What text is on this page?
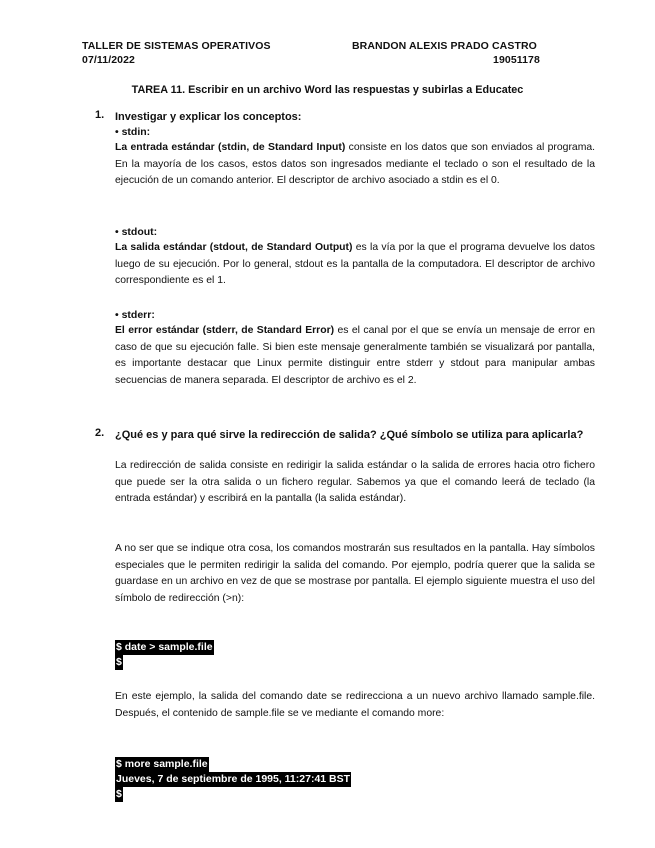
TALLER DE SISTEMAS OPERATIVOS
07/11/2022
BRANDON ALEXIS PRADO CASTRO
19051178
TAREA 11. Escribir en un archivo Word las respuestas y subirlas a Educatec
1. Investigar y explicar los conceptos:
• stdin:
La entrada estándar (stdin, de Standard Input) consiste en los datos que son enviados al programa. En la mayoría de los casos, estos datos son ingresados mediante el teclado o son el resultado de la ejecución de un comando anterior. El descriptor de archivo asociado a stdin es el 0.
• stdout:
La salida estándar (stdout, de Standard Output) es la vía por la que el programa devuelve los datos luego de su ejecución. Por lo general, stdout es la pantalla de la computadora. El descriptor de archivo correspondiente es el 1.
• stderr:
El error estándar (stderr, de Standard Error) es el canal por el que se envía un mensaje de error en caso de que su ejecución falle. Si bien este mensaje generalmente también se visualizará por pantalla, es importante destacar que Linux permite distinguir entre stderr y stdout para manipular ambas secuencias de manera separada. El descriptor de archivo es el 2.
2. ¿Qué es y para qué sirve la redirección de salida? ¿Qué símbolo se utiliza para aplicarla?
La redirección de salida consiste en redirigir la salida estándar o la salida de errores hacia otro fichero que puede ser la otra salida o un fichero regular. Sabemos ya que el comando leerá de teclado (la entrada estándar) y escribirá en la pantalla (la salida estándar).
A no ser que se indique otra cosa, los comandos mostrarán sus resultados en la pantalla. Hay símbolos especiales que le permiten redirigir la salida del comando. Por ejemplo, podría querer que la salida se guardase en un archivo en vez de que se mostrase por pantalla. El ejemplo siguiente muestra el uso del símbolo de redirección (>n):
$ date > sample.file
$
En este ejemplo, la salida del comando date se redirecciona a un nuevo archivo llamado sample.file. Después, el contenido de sample.file se ve mediante el comando more:
$ more sample.file
Jueves, 7 de septiembre de 1995, 11:27:41 BST
$
